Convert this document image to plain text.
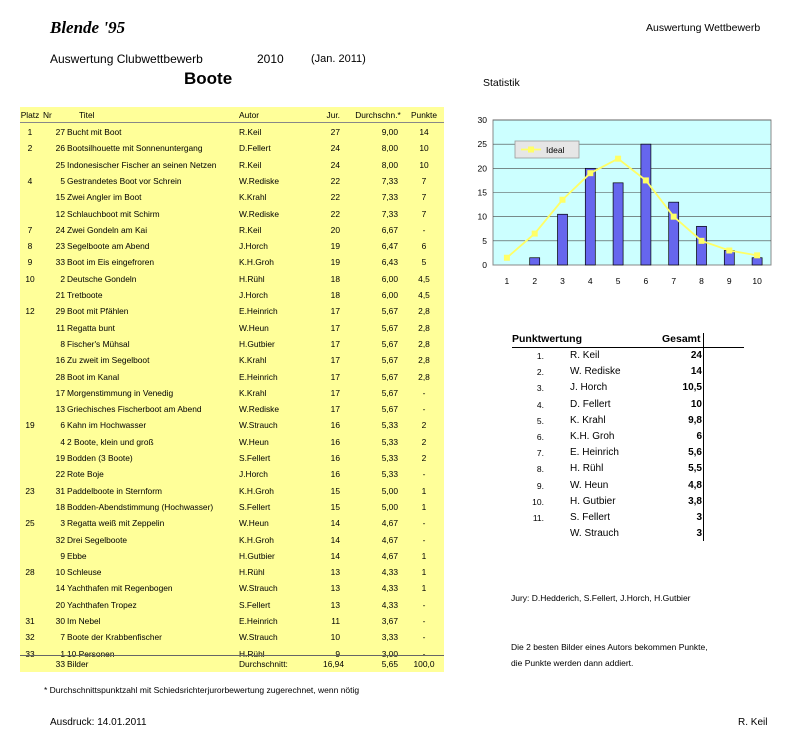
Blende '95	Auswertung Wettbewerb
Auswertung Clubwettbewerb	2010 (Jan. 2011)
Boote	Statistik
Platz Nr	Titel	Autor	Jur.	Durchschn.*	Punkte
1	27 Bucht mit Boot	R.Keil	27	9,00	14
2	26 Bootsilhouette mit Sonnenuntergang	D.Fellert	24	8,00	10
25 Indonesischer Fischer an seinen Netzen	R.Keil	24	8,00	10
4	5 Gestrandetes Boot vor Schrein	W.Rediske	22	7,33	7
15 Zwei Angler im Boot	K.Krahl	22	7,33	7
12 Schlauchboot mit Schirm	W.Rediske	22	7,33	7
7	24 Zwei Gondeln am Kai	R.Keil	20	6,67	-
8	23 Segelboote am Abend	J.Horch	19	6,47	6
9	33 Boot im Eis eingefroren	K.H.Groh	19	6,43	5
10	2 Deutsche Gondeln	H.Rühl	18	6,00	4,5
21 Tretboote	J.Horch	18	6,00	4,5
12	29 Boot mit Pfählen	E.Heinrich	17	5,67	2,8
11 Regatta bunt	W.Heun	17	5,67	2,8
8 Fischer's Mühsal	H.Gutbier	17	5,67	2,8
16 Zu zweit im Segelboot	K.Krahl	17	5,67	2,8
28 Boot im Kanal	E.Heinrich	17	5,67	2,8
17 Morgenstimmung in Venedig	K.Krahl	17	5,67	-
13 Griechisches Fischerboot am Abend	W.Rediske	17	5,67	-
19	6 Kahn im Hochwasser	W.Strauch	16	5,33	2
4 2 Boote, klein und groß	W.Heun	16	5,33	2
19 Bodden (3 Boote)	S.Fellert	16	5,33	2
22 Rote Boje	J.Horch	16	5,33	-
23	31 Paddelboote in Sternform	K.H.Groh	15	5,00	1
18 Bodden-Abendstimmung (Hochwasser)	S.Fellert	15	5,00	1
25	3 Regatta weiß mit Zeppelin	W.Heun	14	4,67	-
32 Drei Segelboote	K.H.Groh	14	4,67	-
9 Ebbe	H.Gutbier	14	4,67	1
28	10 Schleuse	H.Rühl	13	4,33	1
14 Yachthafen mit Regenbogen	W.Strauch	13	4,33	1
20 Yachthafen Tropez	S.Fellert	13	4,33	-
31	30 Im Nebel	E.Heinrich	11	3,67	-
32	7 Boote der Krabbenfischer	W.Strauch	10	3,33	-
33	1 10 Personen	H.Rühl	9	3,00	-
33 Bilder	Durchschnitt:	16,94	5,65	100,0
* Durchschnittspunktzahl mit Schiedsrichterjurorbewertung zugerechnet, wenn nötig
Ausdruck: 14.01.2011	R. Keil
0
5
10
15
20
25
30
1	2	3	4	5	6	7	8	9 10
Ideal
Punktwertung	Gesamt
1.	R. Keil	24
2.	W. Rediske	14
3.	J. Horch	10,5
4.	D. Fellert	10
5.	K. Krahl	9,8
6.	K.H. Groh	6
7.	E. Heinrich	5,6
8.	H. Rühl	5,5
9.	W. Heun	4,8
10.	H. Gutbier	3,8
11.	S. Fellert	3
W. Strauch	3
Jury: D.Hedderich, S.Fellert, J.Horch, H.Gutbier
Die 2 besten Bilder eines Autors bekommen Punkte,
die Punkte werden dann addiert.
